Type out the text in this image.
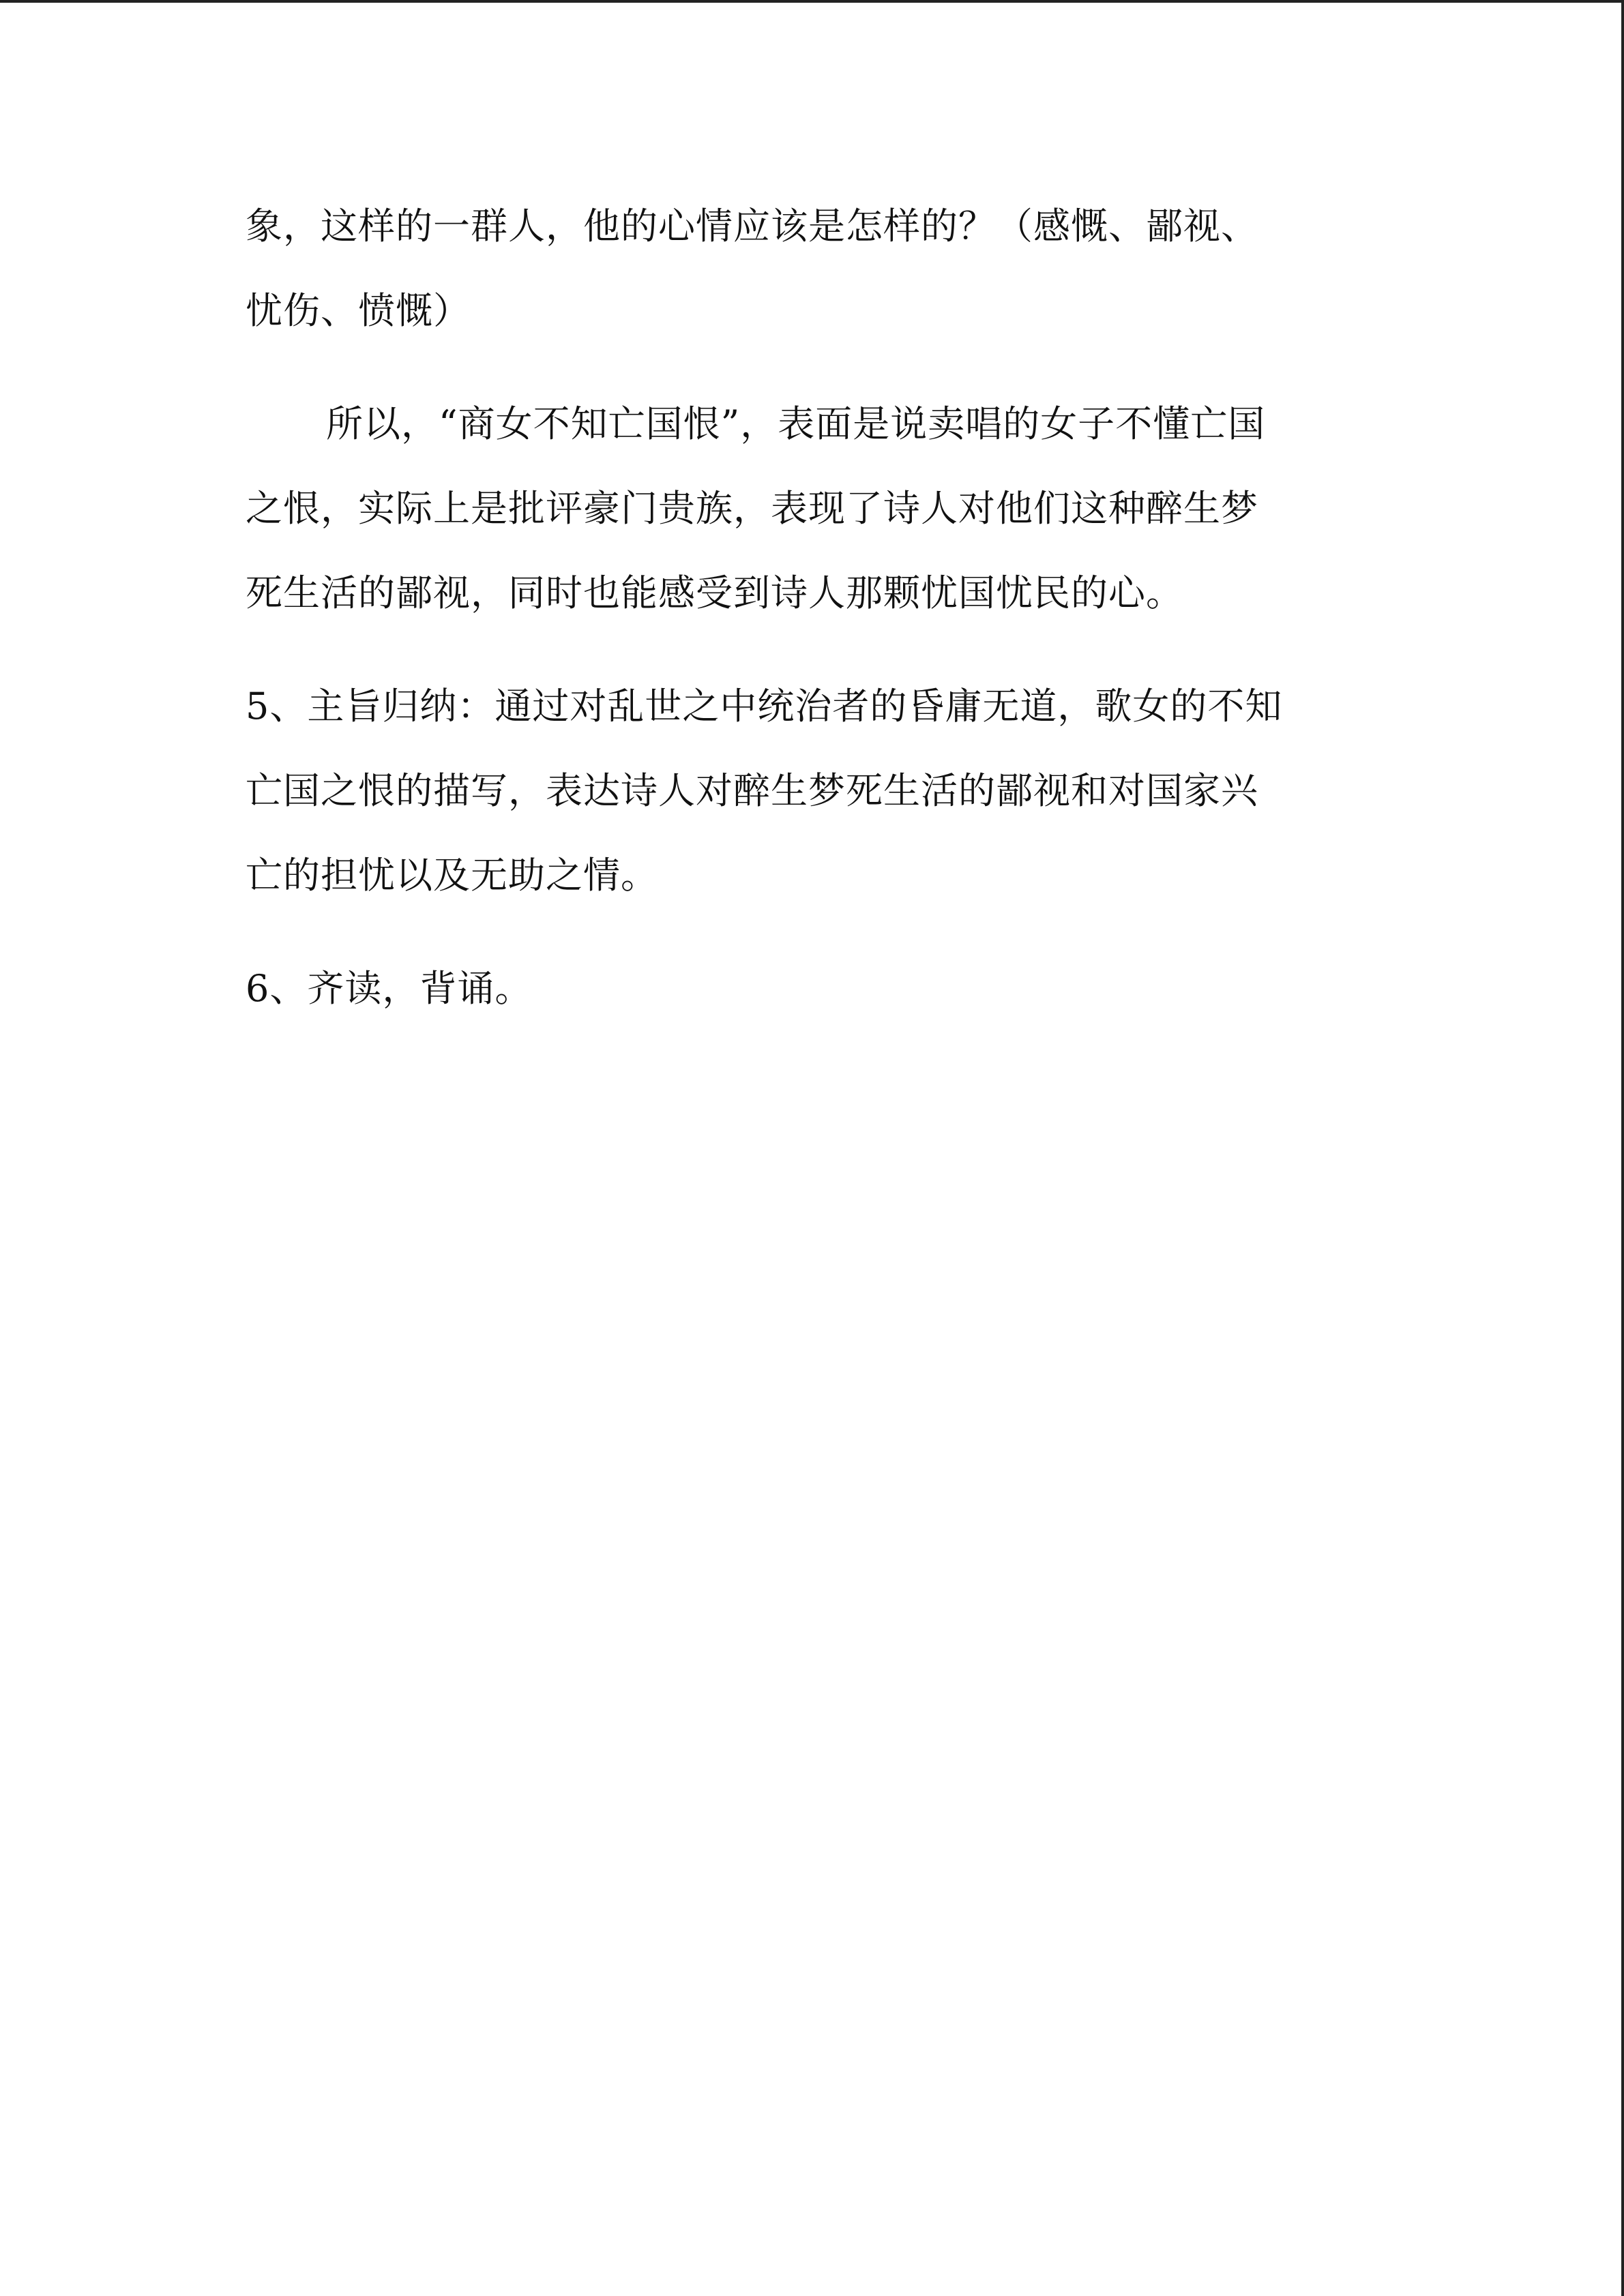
象，这样的一群人，他的心情应该是怎样的？（感慨、鄙视、
忧伤、愤慨）
所以，“商女不知亡国恨”，表面是说卖唱的女子不懂亡国
之恨，实际上是批评豪门贵族，表现了诗人对他们这种醉生梦
死生活的鄙视，同时也能感受到诗人那颗忧国忧民的心。
5、主旨归纳：通过对乱世之中统治者的昏庸无道，歌女的不知
亡国之恨的描写，表达诗人对醉生梦死生活的鄙视和对国家兴
亡的担忧以及无助之情。
6、齐读，背诵。
